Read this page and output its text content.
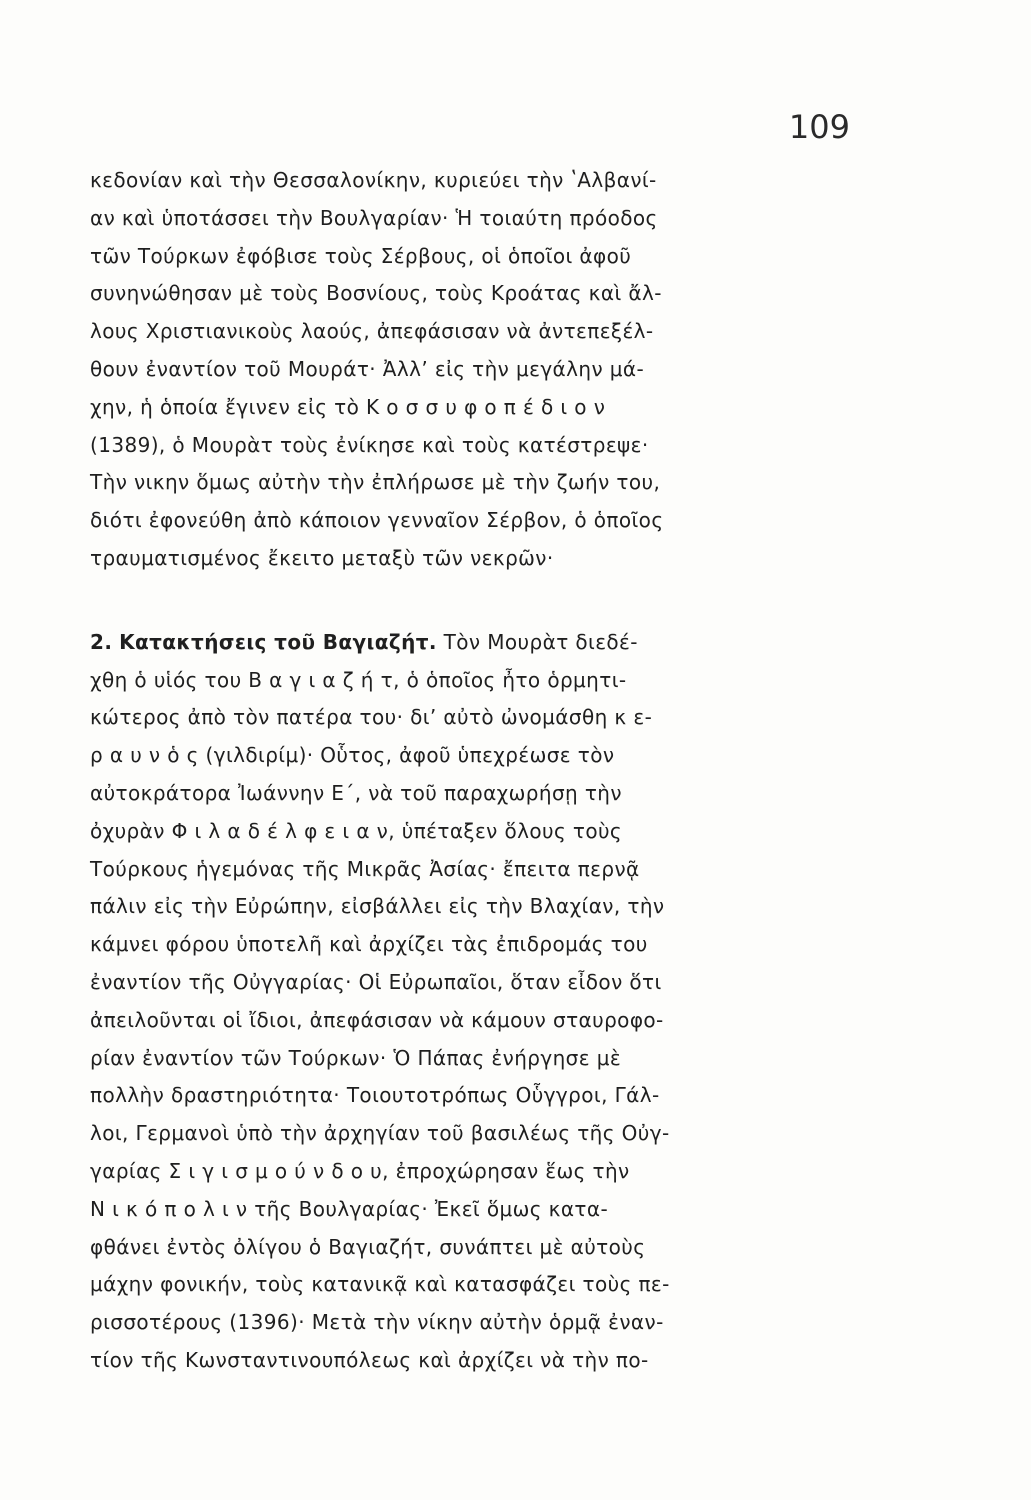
109
κεδονίαν καὶ τὴν Θεσσαλονίκην, κυριεύει τὴν ʽΑλβανί-
αν καὶ ὑποτάσσει τὴν Βουλγαρίαν· Ἡ τοιαύτη πρόοδος
τῶν Τούρκων ἐφόβισε τοὺς Σέρβους, οἱ ὁποῖοι ἀφοῦ
συνηνώθησαν μὲ τοὺς Βοσνίους, τοὺς Κροάτας καὶ ἄλ-
λους Χριστιανικοὺς λαούς, ἀπεφάσισαν νὰ ἀντεπεξέλ-
θουν ἐναντίον τοῦ Μουράτ· Ἀλλ’ εἰς τὴν μεγάλην μά-
χην, ἡ ὁποία ἔγινεν εἰς τὸ Κ ο σ σ υ φ ο π έ δ ι ο ν
(1389), ὁ Μουρὰτ τοὺς ἐνίκησε καὶ τοὺς κατέστρεψε·
Τὴν νικην ὅμως αὐτὴν τὴν ἐπλήρωσε μὲ τὴν ζωήν του,
διότι ἐφονεύθη ἀπὸ κάποιον γενναῖον Σέρβον, ὁ ὁποῖος
τραυματισμένος ἔκειτο μεταξὺ τῶν νεκρῶν·
2. Κατακτήσεις τοῦ Βαγιαζήτ. Τὸν Μουρὰτ διεδέ-
χθη ὁ υἱός του Β α γ ι α ζ ή τ, ὁ ὁποῖος ἦτο ὁρμητι-
κώτερος ἀπὸ τὸν πατέρα του· δι’ αὐτὸ ὠνομάσθη κ ε-
ρ α υ ν ὁ ς (γιλδιρίμ)· Οὗτος, ἀφοῦ ὑπεχρέωσε τὸν
αὐτοκράτορα Ἰωάννην Ε΄, νὰ τοῦ παραχωρήσῃ τὴν
ὀχυρὰν Φ ι λ α δ έ λ φ ε ι α ν, ὑπέταξεν ὅλους τοὺς
Τούρκους ἡγεμόνας τῆς Μικρᾶς Ἀσίας· ἔπειτα περνᾷ
πάλιν εἰς τὴν Εὐρώπην, εἰσβάλλει εἰς τὴν Βλαχίαν, τὴν
κάμνει φόρου ὑποτελῆ καὶ ἀρχίζει τὰς ἐπιδρομάς του
ἐναντίον τῆς Οὐγγαρίας· Οἱ Εὐρωπαῖοι, ὅταν εἶδον ὅτι
ἀπειλοῦνται οἱ ἴδιοι, ἀπεφάσισαν νὰ κάμουν σταυροφο-
ρίαν ἐναντίον τῶν Τούρκων· Ὁ Πάπας ἐνήργησε μὲ
πολλὴν δραστηριότητα· Τοιουτοτρόπως Οὗγγροι, Γάλ-
λοι, Γερμανοὶ ὑπὸ τὴν ἀρχηγίαν τοῦ βασιλέως τῆς Οὐγ-
γαρίας Σ ι γ ι σ μ ο ύ ν δ ο υ, ἐπροχώρησαν ἕως τὴν
Ν ι κ ό π ο λ ι ν τῆς Βουλγαρίας· Ἐκεῖ ὅμως κατα-
φθάνει ἐντὸς ὀλίγου ὁ Βαγιαζήτ, συνάπτει μὲ αὐτοὺς
μάχην φονικήν, τοὺς κατανικᾷ καὶ κατασφάζει τοὺς πε-
ρισσοτέρους (1396)· Μετὰ τὴν νίκην αὐτὴν ὁρμᾷ ἐναν-
τίον τῆς Κωνσταντινουπόλεως καὶ ἀρχίζει νὰ τὴν πο-
